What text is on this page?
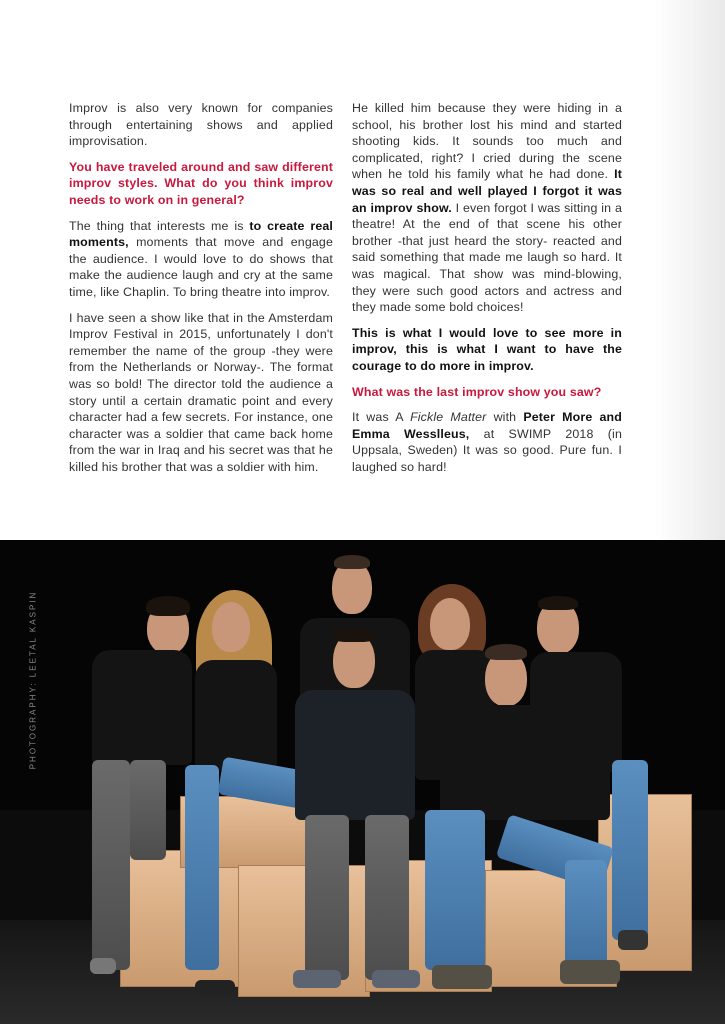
Improv is also very known for companies through entertaining shows and applied improvisation.

You have traveled around and saw different improv styles. What do you think improv needs to work on in general?

The thing that interests me is to create real moments, moments that move and engage the audience. I would love to do shows that make the audience laugh and cry at the same time, like Chaplin. To bring theatre into improv.

I have seen a show like that in the Amsterdam Improv Festival in 2015, unfortunately I don't remember the name of the group -they were from the Netherlands or Norway-. The format was so bold! The director told the audience a story until a certain dramatic point and every character had a few secrets. For instance, one character was a soldier that came back home from the war in Iraq and his secret was that he killed his brother that was a soldier with him.

He killed him because they were hiding in a school, his brother lost his mind and started shooting kids. It sounds too much and complicated, right? I cried during the scene when he told his family what he had done. It was so real and well played I forgot it was an improv show. I even forgot I was sitting in a theatre! At the end of that scene his other brother -that just heard the story- reacted and said something that made me laugh so hard. It was magical. That show was mind-blowing, they were such good actors and actress and they made some bold choices!

This is what I would love to see more in improv, this is what I want to have the courage to do more in improv.

What was the last improv show you saw?

It was A Fickle Matter with Peter More and Emma Wesslleus, at SWIMP 2018 (in Uppsala, Sweden) It was so good. Pure fun. I laughed so hard!

PHOTOGRAPHY: LEETAL KASPIN
